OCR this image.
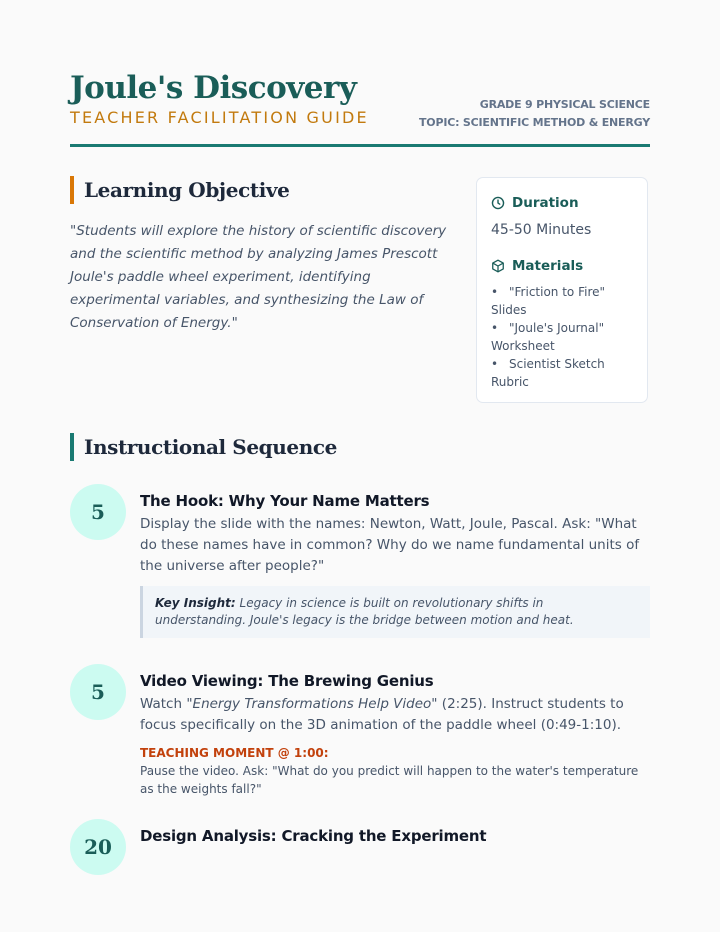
Joule's Discovery
TEACHER FACILITATION GUIDE
GRADE 9 PHYSICAL SCIENCE
TOPIC: SCIENTIFIC METHOD & ENERGY
Learning Objective
"Students will explore the history of scientific discovery and the scientific method by analyzing James Prescott Joule's paddle wheel experiment, identifying experimental variables, and synthesizing the Law of Conservation of Energy."
Duration
45-50 Minutes
Materials
• "Friction to Fire" Slides
• "Joule's Journal" Worksheet
• Scientist Sketch Rubric
Instructional Sequence
5	The Hook: Why Your Name Matters
Display the slide with the names: Newton, Watt, Joule, Pascal. Ask: "What do these names have in common? Why do we name fundamental units of the universe after people?"
Key Insight: Legacy in science is built on revolutionary shifts in understanding. Joule's legacy is the bridge between motion and heat.
5	Video Viewing: The Brewing Genius
Watch "Energy Transformations Help Video" (2:25). Instruct students to focus specifically on the 3D animation of the paddle wheel (0:49-1:10).
TEACHING MOMENT @ 1:00:
Pause the video. Ask: "What do you predict will happen to the water's temperature as the weights fall?"
20	Design Analysis: Cracking the Experiment
